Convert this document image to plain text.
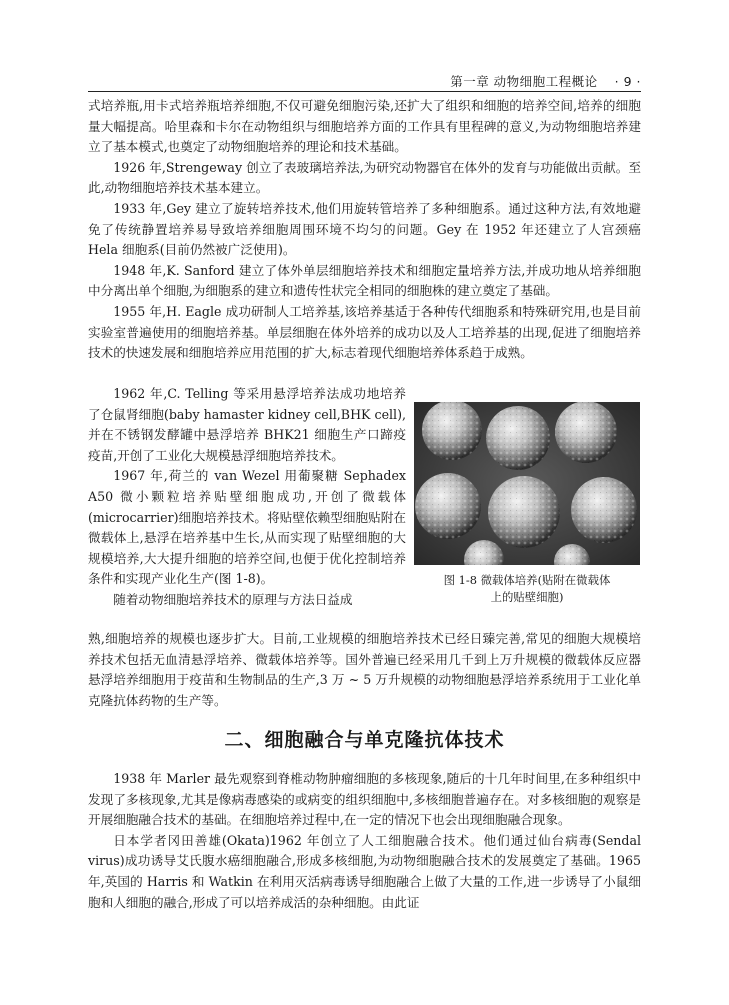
第一章 动物细胞工程概论 · 9 ·

式培养瓶,用卡式培养瓶培养细胞,不仅可避免细胞污染,还扩大了组织和细胞的培养空间,培养的细胞量大幅提高。哈里森和卡尔在动物组织与细胞培养方面的工作具有里程碑的意义,为动物细胞培养建立了基本模式,也奠定了动物细胞培养的理论和技术基础。

1926 年,Strengeway 创立了表玻璃培养法,为研究动物器官在体外的发育与功能做出贡献。至此,动物细胞培养技术基本建立。

1933 年,Gey 建立了旋转培养技术,他们用旋转管培养了多种细胞系。通过这种方法,有效地避免了传统静置培养易导致培养细胞周围环境不均匀的问题。Gey 在 1952 年还建立了人宫颈癌 Hela 细胞系(目前仍然被广泛使用)。

1948 年,K. Sanford 建立了体外单层细胞培养技术和细胞定量培养方法,并成功地从培养细胞中分离出单个细胞,为细胞系的建立和遗传性状完全相同的细胞株的建立奠定了基础。

1955 年,H. Eagle 成功研制人工培养基,该培养基适于各种传代细胞系和特殊研究用,也是目前实验室普遍使用的细胞培养基。单层细胞在体外培养的成功以及人工培养基的出现,促进了细胞培养技术的快速发展和细胞培养应用范围的扩大,标志着现代细胞培养体系趋于成熟。

1962 年,C. Telling 等采用悬浮培养法成功地培养了仓鼠肾细胞(baby hamaster kidney cell,BHK cell),并在不锈钢发酵罐中悬浮培养 BHK21 细胞生产口蹄疫疫苗,开创了工业化大规模悬浮细胞培养技术。

1967 年,荷兰的 van Wezel 用葡聚糖 Sephadex A50 微小颗粒培养贴壁细胞成功,开创了微载体(microcarrier)细胞培养技术。将贴壁依赖型细胞贴附在微载体上,悬浮在培养基中生长,从而实现了贴壁细胞的大规模培养,大大提升细胞的培养空间,也便于优化控制培养条件和实现产业化生产(图 1-8)。

随着动物细胞培养技术的原理与方法日益成

图 1-8 微载体培养(贴附在微载体
上的贴壁细胞)

熟,细胞培养的规模也逐步扩大。目前,工业规模的细胞培养技术已经日臻完善,常见的细胞大规模培养技术包括无血清悬浮培养、微载体培养等。国外普遍已经采用几千到上万升规模的微载体反应器悬浮培养细胞用于疫苗和生物制品的生产,3 万 ~ 5 万升规模的动物细胞悬浮培养系统用于工业化单克隆抗体药物的生产等。

二、细胞融合与单克隆抗体技术

1938 年 Marler 最先观察到脊椎动物肿瘤细胞的多核现象,随后的十几年时间里,在多种组织中发现了多核现象,尤其是像病毒感染的或病变的组织细胞中,多核细胞普遍存在。对多核细胞的观察是开展细胞融合技术的基础。在细胞培养过程中,在一定的情况下也会出现细胞融合现象。

日本学者冈田善雄(Okata)1962 年创立了人工细胞融合技术。他们通过仙台病毒(Sendal virus)成功诱导艾氏腹水癌细胞融合,形成多核细胞,为动物细胞融合技术的发展奠定了基础。1965 年,英国的 Harris 和 Watkin 在利用灭活病毒诱导细胞融合上做了大量的工作,进一步诱导了小鼠细胞和人细胞的融合,形成了可以培养成活的杂种细胞。由此证
